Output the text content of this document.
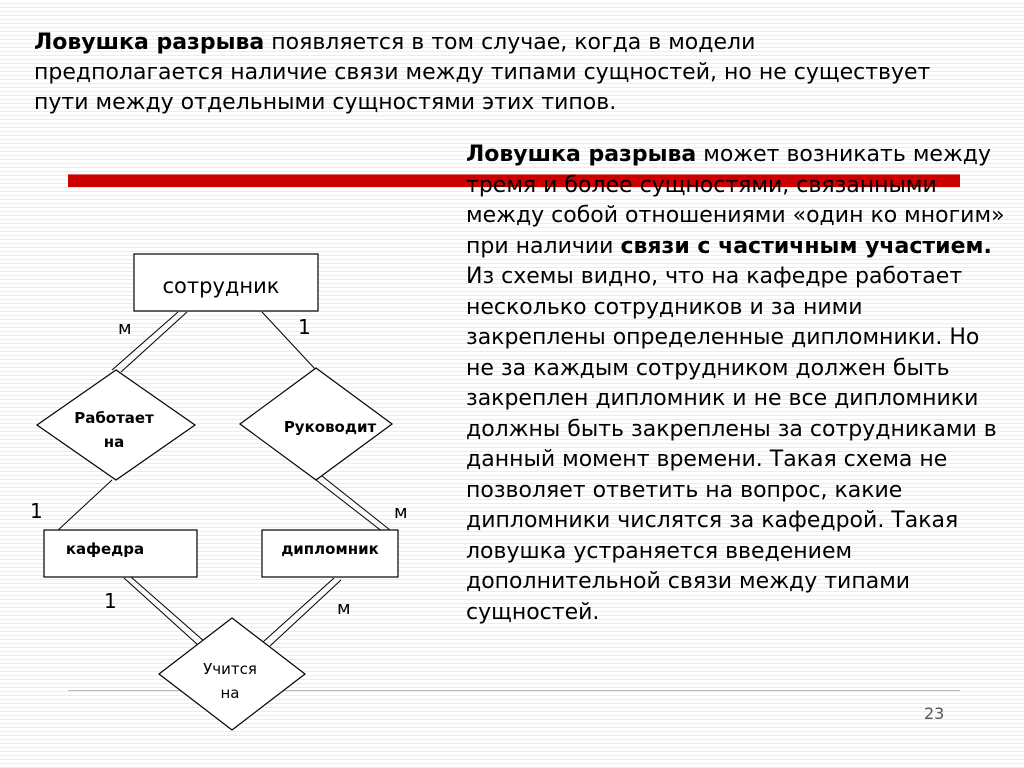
Ловушка разрыва появляется в том случае, когда в модели предполагается наличие связи между типами сущностей, но не существует пути между отдельными сущностями этих типов.

сотрудник
Работает
на
Руководит
кафедра	дипломник
Учится
на
м	1
1	м
1	м

Ловушка разрыва может возникать между тремя и более сущностями, связанными между собой отношениями «один ко многим» при наличии связи с частичным участием.
Из схемы видно, что на кафедре работает несколько сотрудников и за ними закреплены определенные дипломники. Но не за каждым сотрудником должен быть закреплен дипломник и не все дипломники должны быть закреплены за сотрудниками в данный момент времени. Такая схема не позволяет ответить на вопрос, какие дипломники числятся за кафедрой. Такая ловушка устраняется введением дополнительной связи между типами сущностей.

23
